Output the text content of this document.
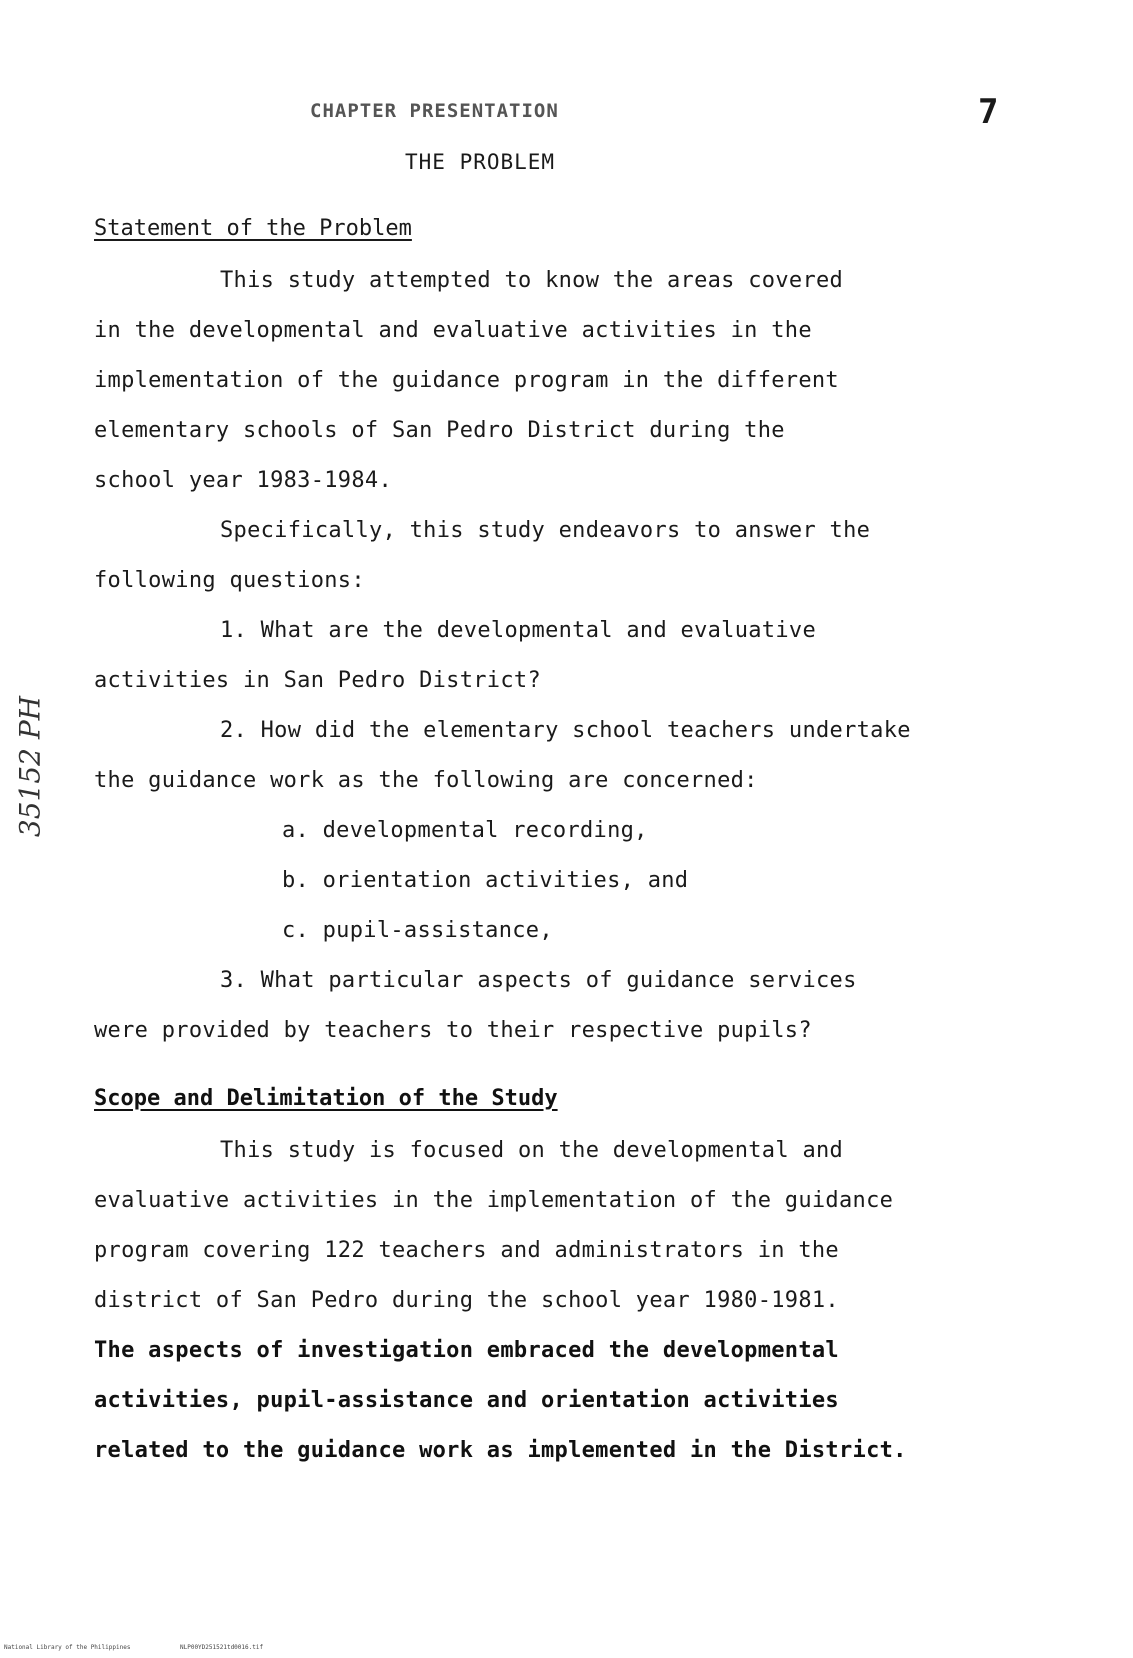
CHAPTER PRESENTATION	7
THE PROBLEM
Statement of the Problem
This study attempted to know the areas covered
in the developmental and evaluative activities in the
implementation of the guidance program in the different
elementary schools of San Pedro District during the
school year 1983-1984.
Specifically, this study endeavors to answer the
following questions:
1. What are the developmental and evaluative
activities in San Pedro District?
2. How did the elementary school teachers undertake
the guidance work as the following are concerned:
a. developmental recording,
b. orientation activities, and
c. pupil-assistance,
3. What particular aspects of guidance services
were provided by teachers to their respective pupils?
Scope and Delimitation of the Study
This study is focused on the developmental and
evaluative activities in the implementation of the guidance
program covering 122 teachers and administrators in the
district of San Pedro during the school year 1980-1981.
The aspects of investigation embraced the developmental
activities, pupil-assistance and orientation activities
related to the guidance work as implemented in the District.
35152 PH
National Library of the Philippines	NLP00YD251521td0016.tif
